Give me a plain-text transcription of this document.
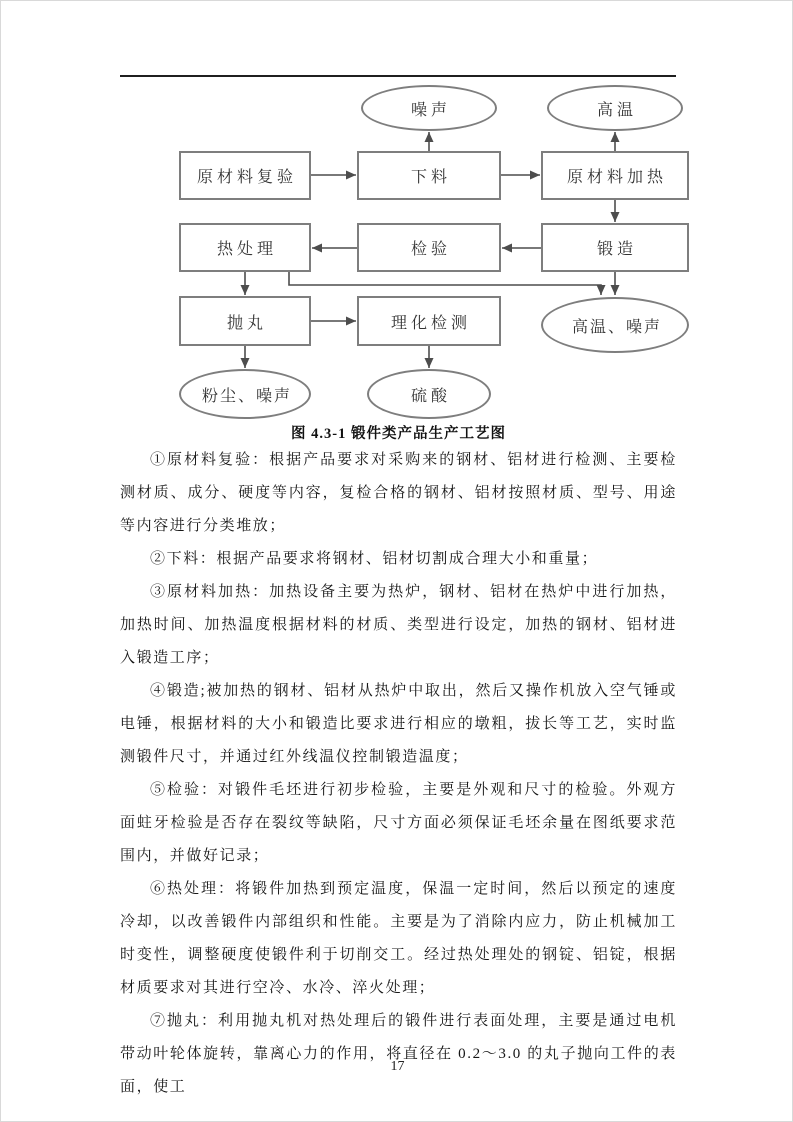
噪声	高温
原材料复验	下料	原材料加热
热处理	检验	锻造
抛丸	理化检测	高温、噪声
粉尘、噪声	硫酸
图 4.3-1 锻件类产品生产工艺图

①原材料复验：根据产品要求对采购来的钢材、铝材进行检测、主要检测材质、成分、硬度等内容，复检合格的钢材、铝材按照材质、型号、用途等内容进行分类堆放；

②下料：根据产品要求将钢材、铝材切割成合理大小和重量；

③原材料加热：加热设备主要为热炉，钢材、铝材在热炉中进行加热，加热时间、加热温度根据材料的材质、类型进行设定，加热的钢材、铝材进入锻造工序；

④锻造;被加热的钢材、铝材从热炉中取出，然后又操作机放入空气锤或电锤，根据材料的大小和锻造比要求进行相应的墩粗，拔长等工艺，实时监测锻件尺寸，并通过红外线温仪控制锻造温度；

⑤检验：对锻件毛坯进行初步检验，主要是外观和尺寸的检验。外观方面蛀牙检验是否存在裂纹等缺陷，尺寸方面必须保证毛坯余量在图纸要求范围内，并做好记录；

⑥热处理：将锻件加热到预定温度，保温一定时间，然后以预定的速度冷却，以改善锻件内部组织和性能。主要是为了消除内应力，防止机械加工时变性，调整硬度使锻件利于切削交工。经过热处理处的钢锭、铝锭，根据材质要求对其进行空冷、水冷、淬火处理；

⑦抛丸：利用抛丸机对热处理后的锻件进行表面处理，主要是通过电机带动叶轮体旋转，靠离心力的作用，将直径在 0.2～3.0 的丸子抛向工件的表面，使工

17
